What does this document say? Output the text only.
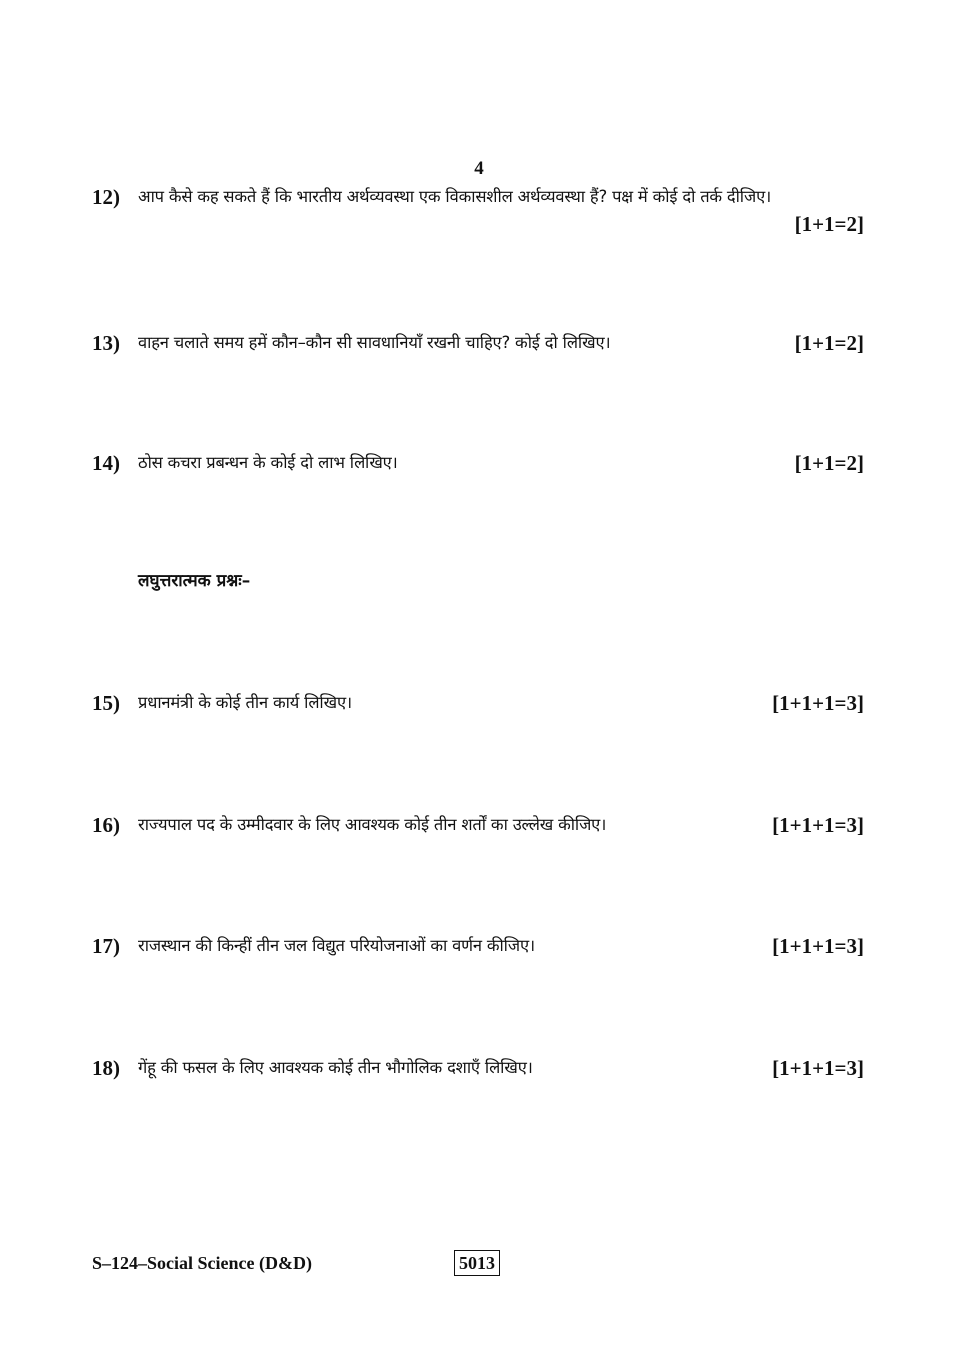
4
12) आप कैसे कह सकते हैं कि भारतीय अर्थव्यवस्था एक विकासशील अर्थव्यवस्था हैं? पक्ष में कोई दो तर्क दीजिए।
[1+1=2]
13) वाहन चलाते समय हमें कौन–कौन सी सावधानियाँ रखनी चाहिए? कोई दो लिखिए।	[1+1=2]
14) ठोस कचरा प्रबन्धन के कोई दो लाभ लिखिए।	[1+1=2]
लघुत्तरात्मक प्रश्नः–
15) प्रधानमंत्री के कोई तीन कार्य लिखिए।	[1+1+1=3]
16) राज्यपाल पद के उम्मीदवार के लिए आवश्यक कोई तीन शर्तों का उल्लेख कीजिए।	[1+1+1=3]
17) राजस्थान की किन्हीं तीन जल विद्युत परियोजनाओं का वर्णन कीजिए।	[1+1+1=3]
18) गेंहू की फसल के लिए आवश्यक कोई तीन भौगोलिक दशाएँ लिखिए।	[1+1+1=3]
S–124–Social Science (D&D)	5013
